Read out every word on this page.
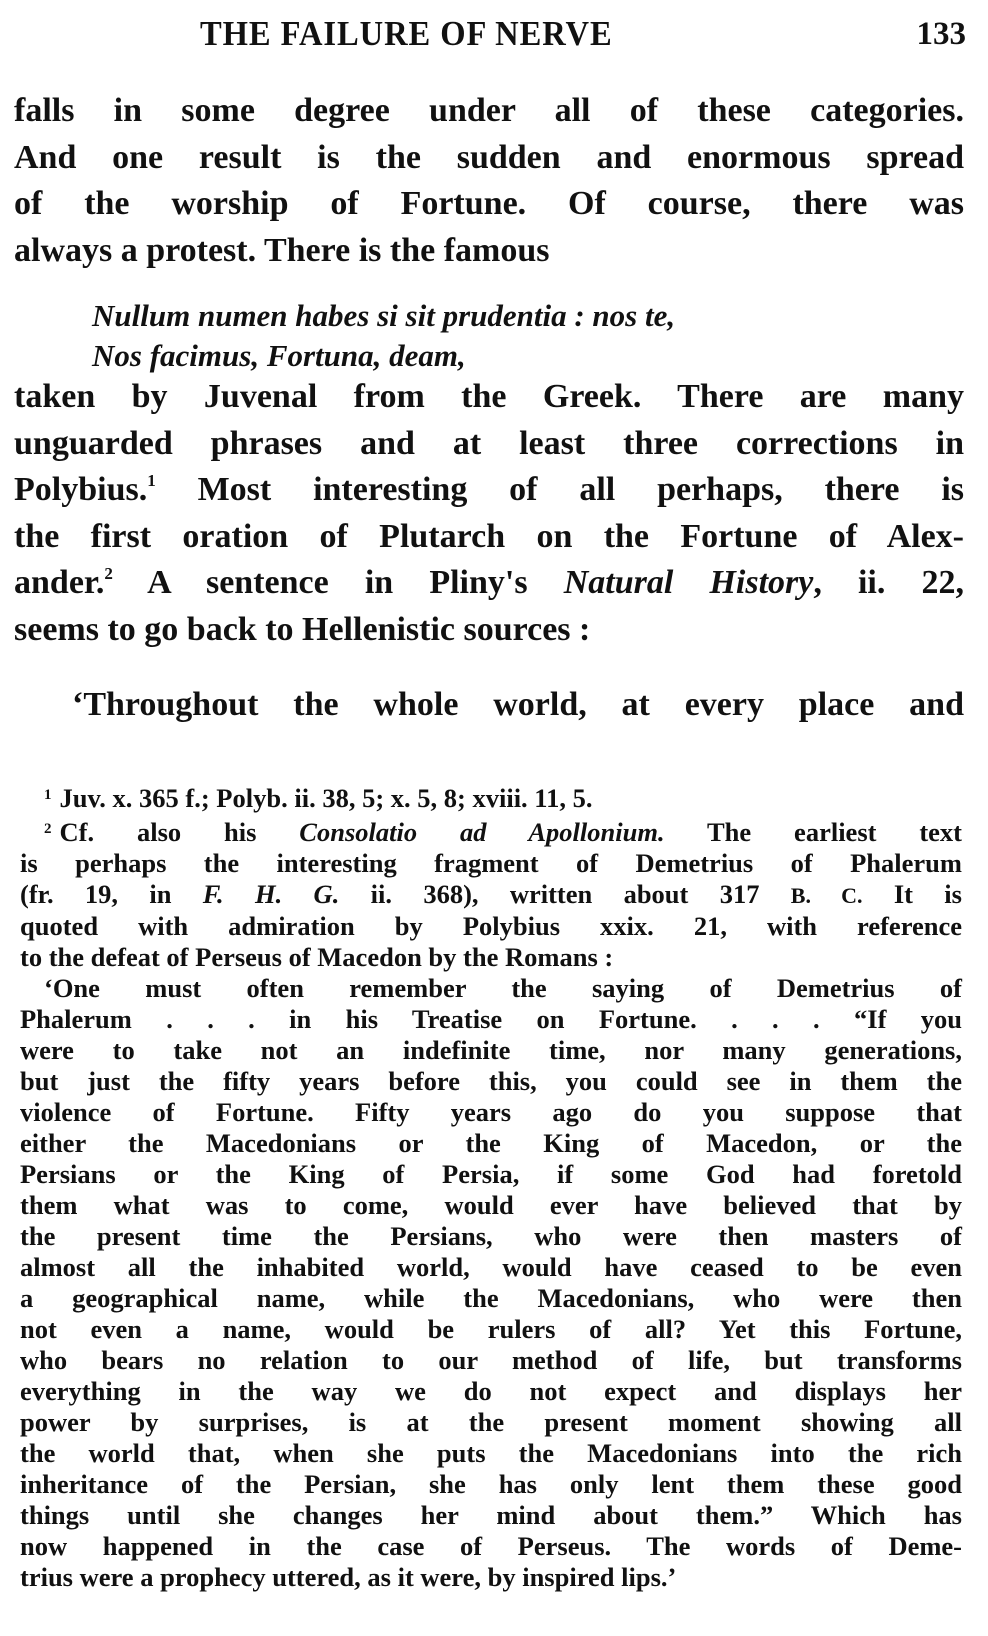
THE FAILURE OF NERVE	133
falls in some degree under all of these categories.
And one result is the sudden and enormous spread
of the worship of Fortune. Of course, there was
always a protest. There is the famous
Nullum numen habes si sit prudentia : nos te,
Nos facimus, Fortuna, deam,
taken by Juvenal from the Greek. There are many
unguarded phrases and at least three corrections in
Polybius.$^1$ Most interesting of all perhaps, there is
the first oration of Plutarch on the Fortune of Alex-
ander.$^2$ A sentence in Pliny's Natural History, ii. 22,
seems to go back to Hellenistic sources :
‘Throughout the whole world, at every place and
$^1$ Juv. x. 365 f.; Polyb. ii. 38, 5; x. 5, 8; xviii. 11, 5.
$^2$ Cf. also his Consolatio ad Apollonium. The earliest text
is perhaps the interesting fragment of Demetrius of Phalerum
(fr. 19, in F. H. G. ii. 368), written about 317 B. C. It is
quoted with admiration by Polybius xxix. 21, with reference
to the defeat of Perseus of Macedon by the Romans :
‘One must often remember the saying of Demetrius of
Phalerum . . . in his Treatise on Fortune. . . . “If you
were to take not an indefinite time, nor many generations,
but just the fifty years before this, you could see in them the
violence of Fortune. Fifty years ago do you suppose that
either the Macedonians or the King of Macedon, or the
Persians or the King of Persia, if some God had foretold
them what was to come, would ever have believed that by
the present time the Persians, who were then masters of
almost all the inhabited world, would have ceased to be even
a geographical name, while the Macedonians, who were then
not even a name, would be rulers of all? Yet this Fortune,
who bears no relation to our method of life, but transforms
everything in the way we do not expect and displays her
power by surprises, is at the present moment showing all
the world that, when she puts the Macedonians into the rich
inheritance of the Persian, she has only lent them these good
things until she changes her mind about them.” Which has
now happened in the case of Perseus. The words of Deme-
trius were a prophecy uttered, as it were, by inspired lips.’
